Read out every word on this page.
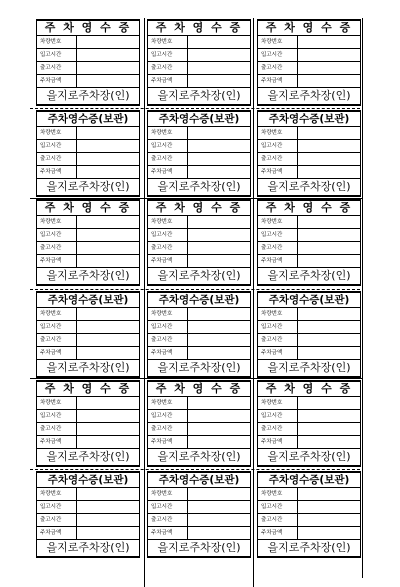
주 차 영 수 증
차량번호
입고시간
출고시간
주차금액
을지로주차장(인)
주 차 영 수 증
차량번호
입고시간
출고시간
주차금액
을지로주차장(인)
주 차 영 수 증
차량번호
입고시간
출고시간
주차금액
을지로주차장(인)
주차영수증(보관)
차량번호
입고시간
출고시간
주차금액
을지로주차장(인)
주차영수증(보관)
차량번호
입고시간
출고시간
주차금액
을지로주차장(인)
주차영수증(보관)
차량번호
입고시간
출고시간
주차금액
을지로주차장(인)
주 차 영 수 증
차량번호
입고시간
출고시간
주차금액
을지로주차장(인)
주 차 영 수 증
차량번호
입고시간
출고시간
주차금액
을지로주차장(인)
주 차 영 수 증
차량번호
입고시간
출고시간
주차금액
을지로주차장(인)
주차영수증(보관)
차량번호
입고시간
출고시간
주차금액
을지로주차장(인)
주차영수증(보관)
차량번호
입고시간
출고시간
주차금액
을지로주차장(인)
주차영수증(보관)
차량번호
입고시간
출고시간
주차금액
을지로주차장(인)
주 차 영 수 증
차량번호
입고시간
출고시간
주차금액
을지로주차장(인)
주 차 영 수 증
차량번호
입고시간
출고시간
주차금액
을지로주차장(인)
주 차 영 수 증
차량번호
입고시간
출고시간
주차금액
을지로주차장(인)
주차영수증(보관)
차량번호
입고시간
출고시간
주차금액
을지로주차장(인)
주차영수증(보관)
차량번호
입고시간
출고시간
주차금액
을지로주차장(인)
주차영수증(보관)
차량번호
입고시간
출고시간
주차금액
을지로주차장(인)
